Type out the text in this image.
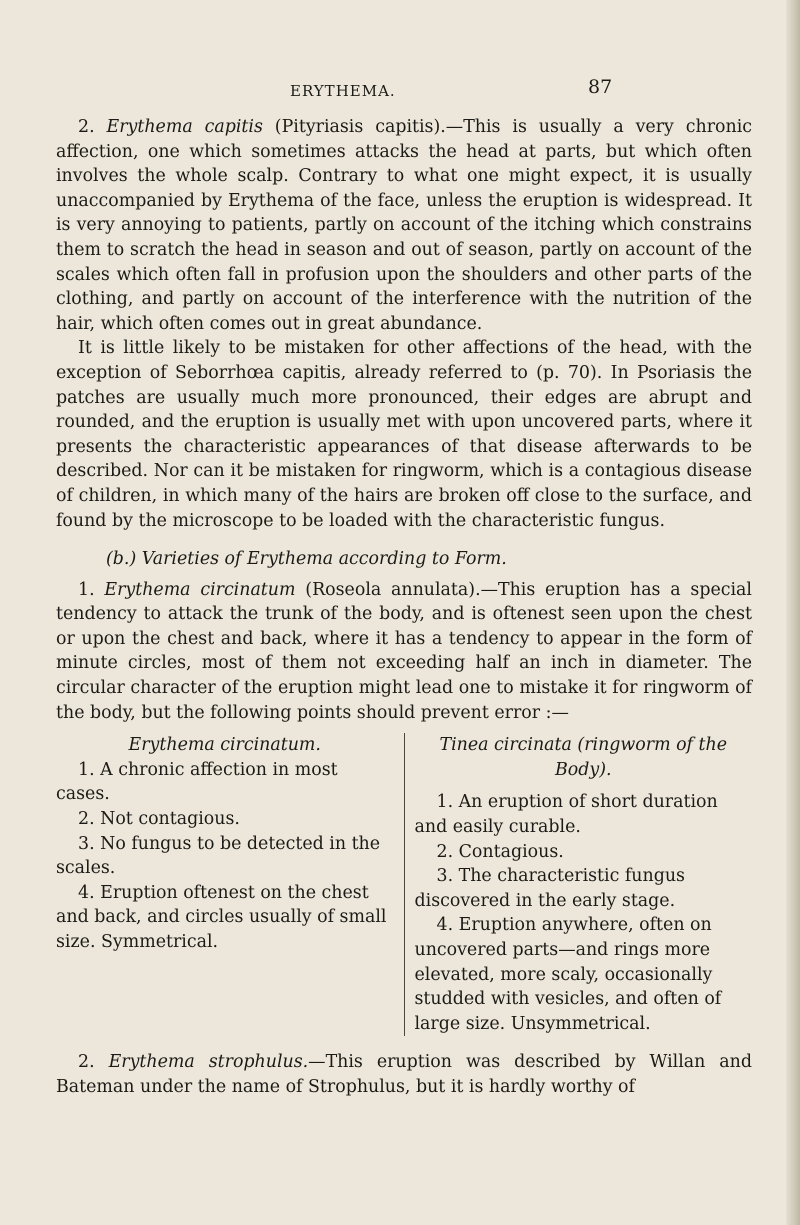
ERYTHEMA.	87

2. Erythema capitis (Pityriasis capitis).—This is usually a very chronic affection, one which sometimes attacks the head at parts, but which often involves the whole scalp. Contrary to what one might expect, it is usually unaccompanied by Erythema of the face, unless the eruption is widespread. It is very annoying to patients, partly on account of the itching which constrains them to scratch the head in season and out of season, partly on account of the scales which often fall in profusion upon the shoulders and other parts of the clothing, and partly on account of the interference with the nutrition of the hair, which often comes out in great abundance.

It is little likely to be mistaken for other affections of the head, with the exception of Seborrhœa capitis, already referred to (p. 70). In Psoriasis the patches are usually much more pronounced, their edges are abrupt and rounded, and the eruption is usually met with upon uncovered parts, where it presents the characteristic appearances of that disease afterwards to be described. Nor can it be mistaken for ringworm, which is a contagious disease of children, in which many of the hairs are broken off close to the surface, and found by the microscope to be loaded with the characteristic fungus.

(b.) Varieties of Erythema according to Form.

1. Erythema circinatum (Roseola annulata).—This eruption has a special tendency to attack the trunk of the body, and is oftenest seen upon the chest or upon the chest and back, where it has a tendency to appear in the form of minute circles, most of them not exceeding half an inch in diameter. The circular character of the eruption might lead one to mistake it for ringworm of the body, but the following points should prevent error :—

Erythema circinatum.

1. A chronic affection in most cases.

2. Not contagious.

3. No fungus to be detected in the scales.

4. Eruption oftenest on the chest and back, and circles usually of small size. Symmetrical.

Tinea circinata (ringworm of the Body).

1. An eruption of short duration and easily curable.

2. Contagious.

3. The characteristic fungus discovered in the early stage.

4. Eruption anywhere, often on uncovered parts—and rings more elevated, more scaly, occasionally studded with vesicles, and often of large size. Unsymmetrical.

2. Erythema strophulus.—This eruption was described by Willan and Bateman under the name of Strophulus, but it is hardly worthy of
